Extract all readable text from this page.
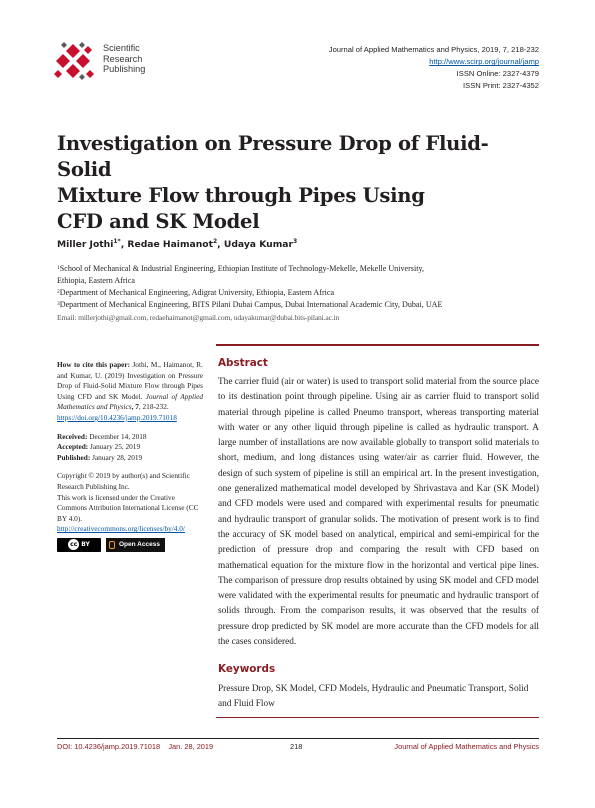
Scientific
Research
Publishing
Journal of Applied Mathematics and Physics, 2019, 7, 218-232
http://www.scirp.org/journal/jamp
ISSN Online: 2327-4379
ISSN Print: 2327-4352
Investigation on Pressure Drop of Fluid-Solid
Mixture Flow through Pipes Using
CFD and SK Model
Miller Jothi$^{1*}$, Redae Haimanot$^2$, Udaya Kumar$^3$
$^1$School of Mechanical & Industrial Engineering, Ethiopian Institute of Technology-Mekelle, Mekelle University,
Ethiopia, Eastern Africa
$^2$Department of Mechanical Engineering, Adigrat University, Ethiopia, Eastern Africa
$^3$Department of Mechanical Engineering, BITS Pilani Dubai Campus, Dubai International Academic City, Dubai, UAE
Email: millerjothi@gmail.com, redaehaimanot@gmail.com, udayakumar@dubai.bits-pilani.ac.in
How to cite this paper: Jothi, M., Haimanot, R. and Kumar, U. (2019) Investigation on Pressure Drop of Fluid-Solid Mixture Flow through Pipes Using CFD and SK Model. Journal of Applied Mathematics and Physics, 7, 218-232.
https://doi.org/10.4236/jamp.2019.71018
Received: December 14, 2018
Accepted: January 25, 2019
Published: January 28, 2019
Copyright © 2019 by author(s) and Scientific Research Publishing Inc.
This work is licensed under the Creative Commons Attribution International License (CC BY 4.0).
http://creativecommons.org/licenses/by/4.0/
cc BY	Open Access
Abstract
The carrier fluid (air or water) is used to transport solid material from the source place to its destination point through pipeline. Using air as carrier fluid to transport solid material through pipeline is called Pneumo transport, whereas transporting material with water or any other liquid through pipeline is called as hydraulic transport. A large number of installations are now available globally to transport solid materials to short, medium, and long distances using water/air as carrier fluid. However, the design of such system of pipeline is still an empirical art. In the present investigation, one generalized mathematical model developed by Shrivastava and Kar (SK Model) and CFD models were used and compared with experimental results for pneumatic and hydraulic transport of granular solids. The motivation of present work is to find the accuracy of SK model based on analytical, empirical and semi-empirical for the prediction of pressure drop and comparing the result with CFD based on mathematical equation for the mixture flow in the horizontal and vertical pipe lines. The comparison of pressure drop results obtained by using SK model and CFD model were validated with the experimental results for pneumatic and hydraulic transport of solids through. From the comparison results, it was observed that the results of pressure drop predicted by SK model are more accurate than the CFD models for all the cases considered.
Keywords
Pressure Drop, SK Model, CFD Models, Hydraulic and Pneumatic Transport, Solid and Fluid Flow
DOI: 10.4236/jamp.2019.71018    Jan. 28, 2019	218	Journal of Applied Mathematics and Physics
